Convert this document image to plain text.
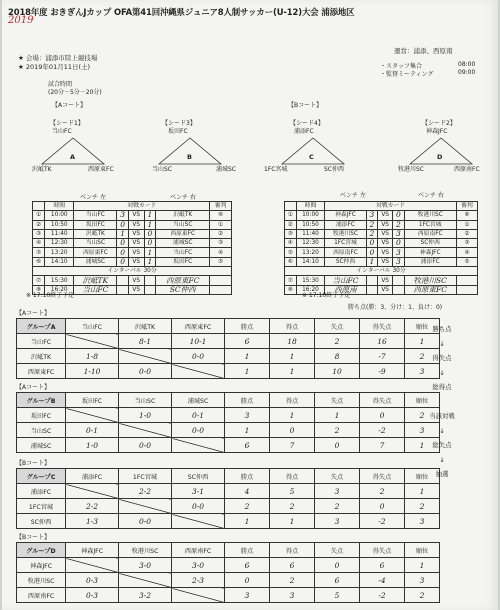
2018年度 おきぎんJカップ OFA第41回沖縄県ジュニア8人制サッカー(U-12)大会 浦添地区
2019
★ 会場：浦添市陸上競技場
★ 2019年01月11日(土)
運営：浦添、西原南
・スタッフ集合	08:00
・監督ミーティング	09:00
試合時間
(20分－5分－20分)
【Aコート】	【Bコート】
【シード1】
当山FC
A
沢岻TK	西原東FC
【シード3】
坂田FC
B
当山SC	浦城SC
【シード4】
浦添FC
C
1FC宮城	SC仲西
【シード2】
神森JFC
D
牧港川SC	西原南FC
ベンチ 左	ベンチ 右	ベンチ 左	ベンチ 右
	時間	対戦カード					審判
①	10:00	当山FC	3	VS	1	沢岻TK	⑥
②	10:50	坂田FC	0	VS	1	当山SC	①
③	11:40	沢岻TK	1	VS	0	西原東FC	②
④	12:30	当山SC	0	VS	0	浦城SC	③
⑤	13:20	西原東FC	0	VS	1	当山FC	④
⑥	14:10	浦城SC	0	VS	1	坂田FC	⑤
インターバル 30分							
⑦	15:30	沢岻TK		VS		西原東FC	
⑧	16:20	当山FC		VS		SC仲西	
	時間	対戦カード					審判
①	10:00	神森JFC	3	VS	0	牧港川SC	⑥
②	10:50	浦添FC	2	VS	2	1FC宮城	①
③	11:40	牧港川SC	2	VS	3	西原南FC	②
④	12:30	1FC宮城	0	VS	0	SC仲西	③
⑤	13:20	西原南FC	0	VS	3	神森JFC	④
⑥	14:10	SC仲西	1	VS	3	浦添FC	⑤
インターバル 30分							
⑦	15:30	当山FC		VS		牧港川SC	
⑧	16:20	西原南		VS		西原東FC	
※ 17:10終了予定	※ 17:10終了予定
勝ち点(勝：3、分け：1、負け：0)
【Aコート】
グループA	当山FC	沢岻TK	西原東FC	勝点	得点	失点	得失点	順位
当山FC		8-1	10-1	6	18	2	16	1
沢岻TK	1-8		0-0	1	1	8	-7	2
西原東FC	1-10	0-0		1	1	10	-9	3
【Aコート】
グループB	坂田FC	当山SC	浦城SC	勝点	得点	失点	得失点	順位
坂田FC		1-0	0-1	3	1	1	0	2
当山SC	0-1		0-0	1	0	2	-2	3
浦城SC	1-0	0-0		6	7	0	7	1
【Bコート】
グループC	浦添FC	1FC宮城	SC仲西	勝点	得点	失点	得失点	順位
浦添FC		2-2	3-1	4	5	3	2	1
1FC宮城	2-2		0-0	2	2	2	0	2
SC仲西	1-3	0-0		1	1	3	-2	3
【Bコート】
グループD	神森JFC	牧港川SC	西原南FC	勝点	得点	失点	得失点	順位
神森JFC		3-0	3-0	6	6	0	6	1
牧港川SC	0-3		2-3	0	2	6	-4	3
西原南FC	0-3	3-2		3	3	5	-2	2
勝ち点
↓
得失点
↓
総得点

当該対戦
↓
総失点
↓
抽選
